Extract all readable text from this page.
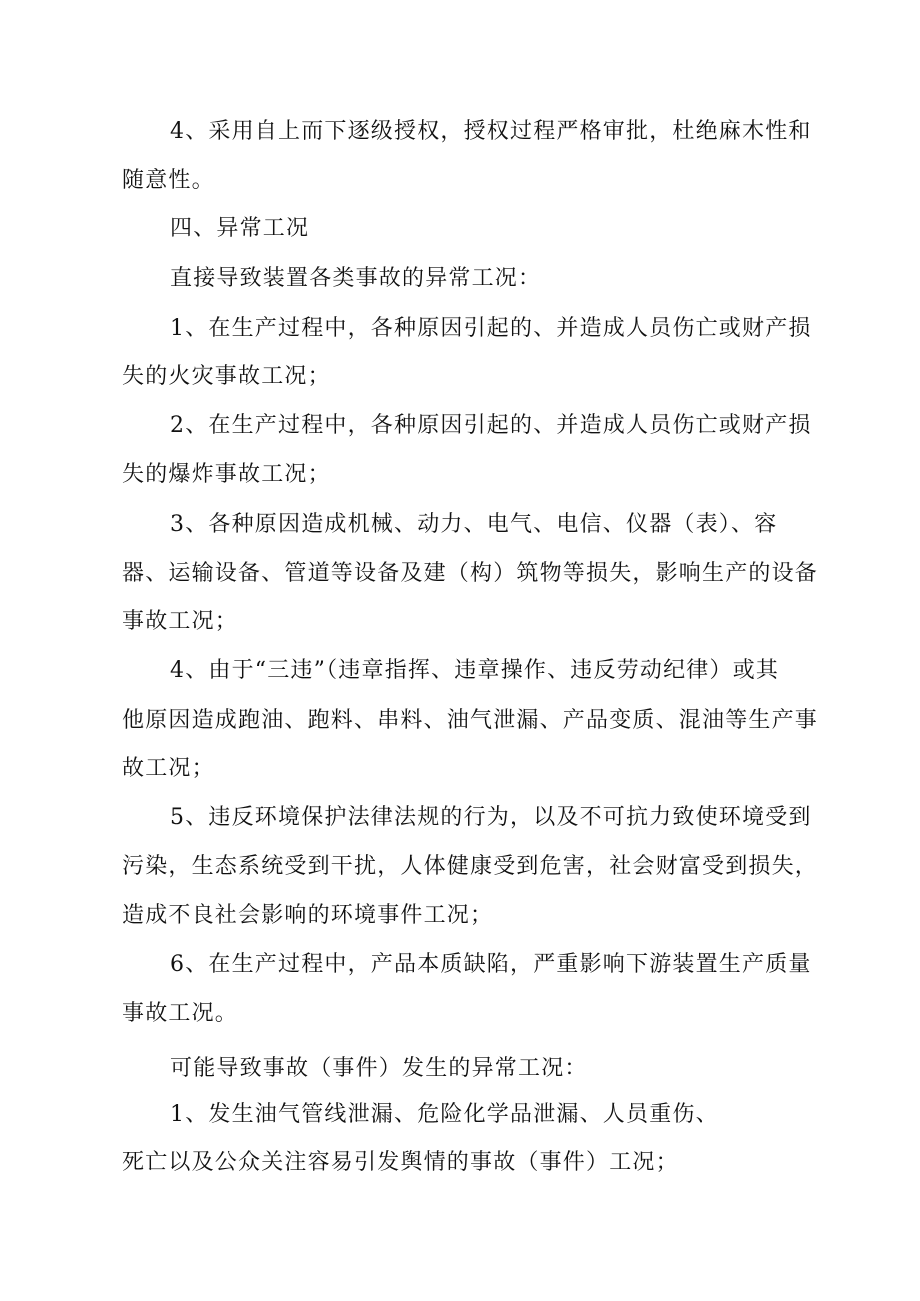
4、采用自上而下逐级授权，授权过程严格审批，杜绝麻木性和
随意性。
四、异常工况
直接导致装置各类事故的异常工况：
1、在生产过程中，各种原因引起的、并造成人员伤亡或财产损
失的火灾事故工况；
2、在生产过程中，各种原因引起的、并造成人员伤亡或财产损
失的爆炸事故工况；
3、各种原因造成机械、动力、电气、电信、仪器（表）、容
器、运输设备、管道等设备及建（构）筑物等损失，影响生产的设备
事故工况；
4、由于“三违”（违章指挥、违章操作、违反劳动纪律）或其
他原因造成跑油、跑料、串料、油气泄漏、产品变质、混油等生产事
故工况；
5、违反环境保护法律法规的行为，以及不可抗力致使环境受到
污染，生态系统受到干扰，人体健康受到危害，社会财富受到损失，
造成不良社会影响的环境事件工况；
6、在生产过程中，产品本质缺陷，严重影响下游装置生产质量
事故工况。
可能导致事故（事件）发生的异常工况：
1、发生油气管线泄漏、危险化学品泄漏、人员重伤、
死亡以及公众关注容易引发舆情的事故（事件）工况；
